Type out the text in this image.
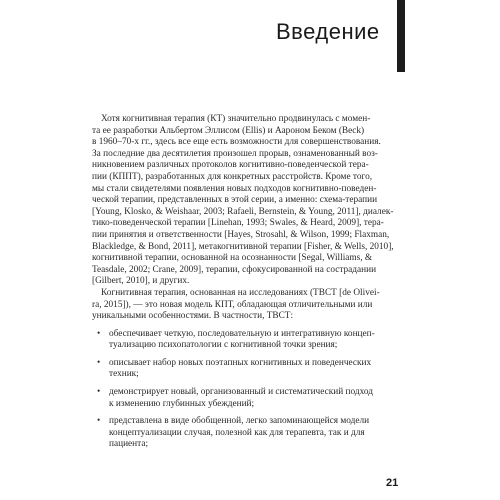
Введение
Хотя когнитивная терапия (КТ) значительно продвинулась с момен-
та ее разработки Альбертом Эллисом (Ellis) и Аароном Беком (Beck)
в 1960–70-х гг., здесь все еще есть возможности для совершенствования.
За последние два десятилетия произошел прорыв, ознаменованный воз-
никновением различных протоколов когнитивно-поведенческой тера-
пии (КППТ), разработанных для конкретных расстройств. Кроме того,
мы стали свидетелями появления новых подходов когнитивно-поведен-
ческой терапии, представленных в этой серии, а именно: схема-терапии
[Young, Klosko, & Weishaar, 2003; Rafaeli, Bernstein, & Young, 2011], диалек-
тико-поведенческой терапии [Linehan, 1993; Swales, & Heard, 2009], тера-
пии принятия и ответственности [Hayes, Strosahl, & Wilson, 1999; Flaxman,
Blackledge, & Bond, 2011], метакогнитивной терапии [Fisher, & Wells, 2010],
когнитивной терапии, основанной на осознанности [Segal, Williams, &
Teasdale, 2002; Crane, 2009], терапии, сфокусированной на сострадании
[Gilbert, 2010], и других.
Когнитивная терапия, основанная на исследованиях (ТВСТ [de Olivei-
ra, 2015]), — это новая модель КПТ, обладающая отличительными или
уникальными особенностями. В частности, ТВСТ:
• обеспечивает четкую, последовательную и интегративную концеп-
туализацию психопатологии с когнитивной точки зрения;
• описывает набор новых поэтапных когнитивных и поведенческих
техник;
• демонстрирует новый, организованный и систематический подход
к изменению глубинных убеждений;
• представлена в виде обобщенной, легко запоминающейся модели
концептуализации случая, полезной как для терапевта, так и для
пациента;
21
